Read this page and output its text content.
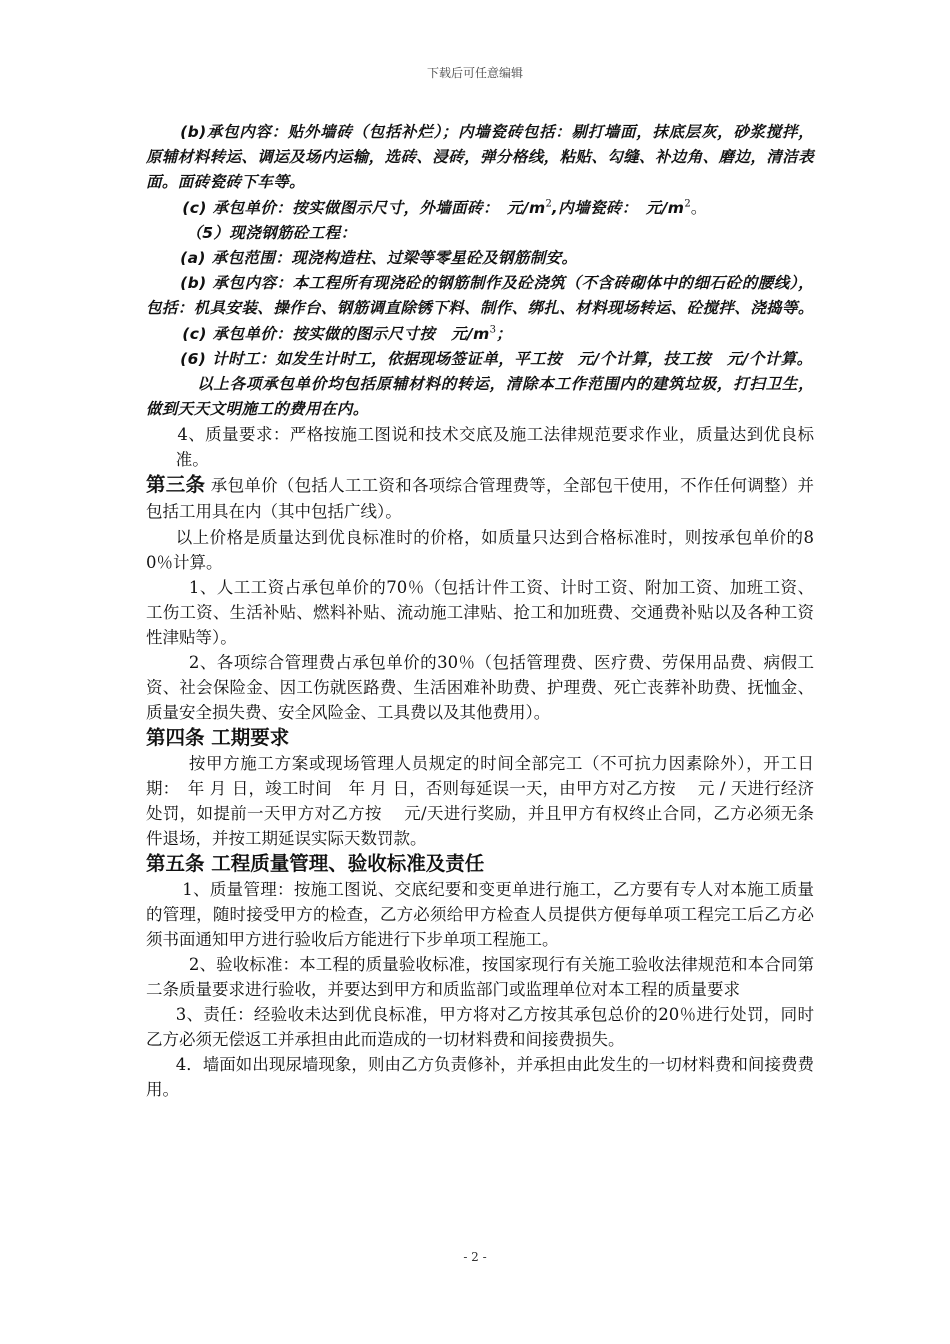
下载后可任意编辑

(b)承包内容：贴外墙砖（包括补烂）；内墙瓷砖包括：剔打墙面，抹底层灰，砂浆搅拌，原辅材料转运、调运及场内运输，选砖、浸砖，弹分格线，粘贴、勾缝、补边角、磨边，清洁表面。面砖瓷砖下车等。

(c) 承包单价：按实做图示尺寸，外墙面砖：　元$/m^2$,内墙瓷砖：　元$/m^2$。

（5）现浇钢筋砼工程：

(a) 承包范围：现浇构造柱、过梁等零星砼及钢筋制安。

(b) 承包内容：本工程所有现浇砼的钢筋制作及砼浇筑（不含砖砌体中的细石砼的腰线），包括：机具安装、操作台、钢筋调直除锈下料、制作、绑扎、材料现场转运、砼搅拌、浇捣等。

(c) 承包单价：按实做的图示尺寸按　元$/m^3$；

(6) 计时工：如发生计时工，依据现场签证单，平工按　元/个计算，技工按　元/个计算。

以上各项承包单价均包括原辅材料的转运，清除本工作范围内的建筑垃圾，打扫卫生，做到天天文明施工的费用在内。

4、质量要求：严格按施工图说和技术交底及施工法律规范要求作业，质量达到优良标准。

第三条 承包单价（包括人工工资和各项综合管理费等，全部包干使用，不作任何调整）并包括工用具在内（其中包括广线）。

以上价格是质量达到优良标准时的价格，如质量只达到合格标准时，则按承包单价的80％计算。

1、人工工资占承包单价的70％（包括计件工资、计时工资、附加工资、加班工资、工伤工资、生活补贴、燃料补贴、流动施工津贴、抢工和加班费、交通费补贴以及各种工资性津贴等）。

2、各项综合管理费占承包单价的30％（包括管理费、医疗费、劳保用品费、病假工资、社会保险金、因工伤就医路费、生活困难补助费、护理费、死亡丧葬补助费、抚恤金、质量安全损失费、安全风险金、工具费以及其他费用）。

第四条 工期要求

按甲方施工方案或现场管理人员规定的时间全部完工（不可抗力因素除外），开工日期：　年 月 日，竣工时间　年 月 日，否则每延误一天，由甲方对乙方按　 元 / 天进行经济处罚，如提前一天甲方对乙方按　 元/天进行奖励，并且甲方有权终止合同，乙方必须无条件退场，并按工期延误实际天数罚款。

第五条 工程质量管理、验收标准及责任

1、质量管理：按施工图说、交底纪要和变更单进行施工，乙方要有专人对本施工质量的管理，随时接受甲方的检查，乙方必须给甲方检查人员提供方便每单项工程完工后乙方必须书面通知甲方进行验收后方能进行下步单项工程施工。

2、验收标准：本工程的质量验收标准，按国家现行有关施工验收法律规范和本合同第二条质量要求进行验收，并要达到甲方和质监部门或监理单位对本工程的质量要求

3、责任：经验收未达到优良标准，甲方将对乙方按其承包总价的20％进行处罚，同时乙方必须无偿返工并承担由此而造成的一切材料费和间接费损失。

4．墙面如出现尿墙现象，则由乙方负责修补，并承担由此发生的一切材料费和间接费费用。

- 2 -
